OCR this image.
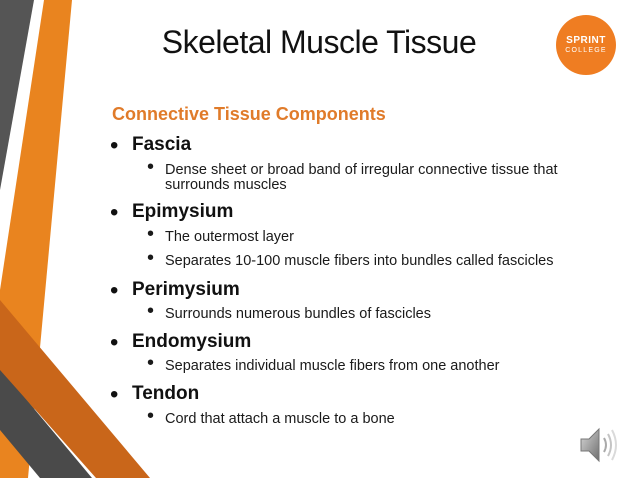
Skeletal Muscle Tissue	SPRINT
COLLEGE

Connective Tissue Components

• Fascia
• Dense sheet or broad band of irregular connective tissue that surrounds muscles
• Epimysium
• The outermost layer
• Separates 10-100 muscle fibers into bundles called fascicles
• Perimysium
• Surrounds numerous bundles of fascicles
• Endomysium
• Separates individual muscle fibers from one another
• Tendon
• Cord that attach a muscle to a bone
